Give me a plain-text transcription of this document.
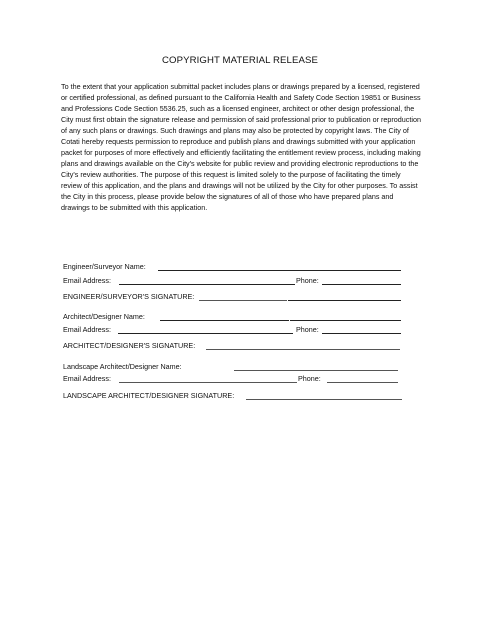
COPYRIGHT MATERIAL RELEASE

To the extent that your application submittal packet includes plans or drawings prepared by a licensed, registered or certified professional, as defined pursuant to the California Health and Safety Code Section 19851 or Business and Professions Code Section 5536.25, such as a licensed engineer, architect or other design professional, the City must first obtain the signature release and permission of said professional prior to publication or reproduction of any such plans or drawings. Such drawings and plans may also be protected by copyright laws. The City of Cotati hereby requests permission to reproduce and publish plans and drawings submitted with your application packet for purposes of more effectively and efficiently facilitating the entitlement review process, including making plans and drawings available on the City's website for public review and providing electronic reproductions to the City's review authorities. The purpose of this request is limited solely to the purpose of facilitating the timely review of this application, and the plans and drawings will not be utilized by the City for other purposes. To assist the City in this process, please provide below the signatures of all of those who have prepared plans and drawings to be submitted with this application.

Engineer/Surveyor Name:
Email Address:	Phone:
ENGINEER/SURVEYOR'S SIGNATURE:
Architect/Designer Name:
Email Address:	Phone:
ARCHITECT/DESIGNER'S SIGNATURE:
Landscape Architect/Designer Name:
Email Address:	Phone:
LANDSCAPE ARCHITECT/DESIGNER SIGNATURE:
